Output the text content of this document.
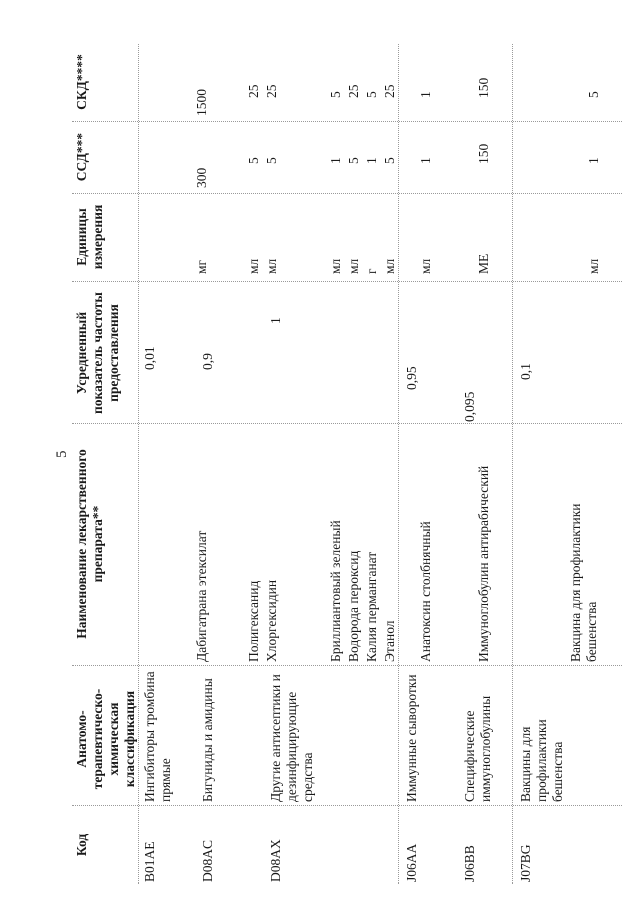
5
Код
Анатомо-терапевтическо-химическая классификация
Наименование лекарственного препарата**
Усредненный показатель частоты предоставления
Единицы измерения
ССД***
СКД****
B01AE
Ингибиторы тромбина прямые
0,01
Дабигатрана этексилат
мг
300
1500
D08AC
Бигуниды и амидины
0,9
Полигексанид
мл
5
25
Хлоргексидин
мл
5
25
D08AX
Другие антисептики и дезинфицирующие средства
1
Бриллиантовый зеленый
мл
1
5
Водорода пероксид
мл
5
25
Калия перманганат
г
1
5
Этанол
мл
5
25
J06AA
Иммунные сыворотки
0,95
Анатоксин столбнячный
мл
1
1
J06BB
Специфические иммуноглобулины
0,095
Иммуноглобулин антирабический
МЕ
150
150
J07BG
Вакцины для профилактики бешенства
0,1
Вакцина для профилактики бешенства
мл
1
5
